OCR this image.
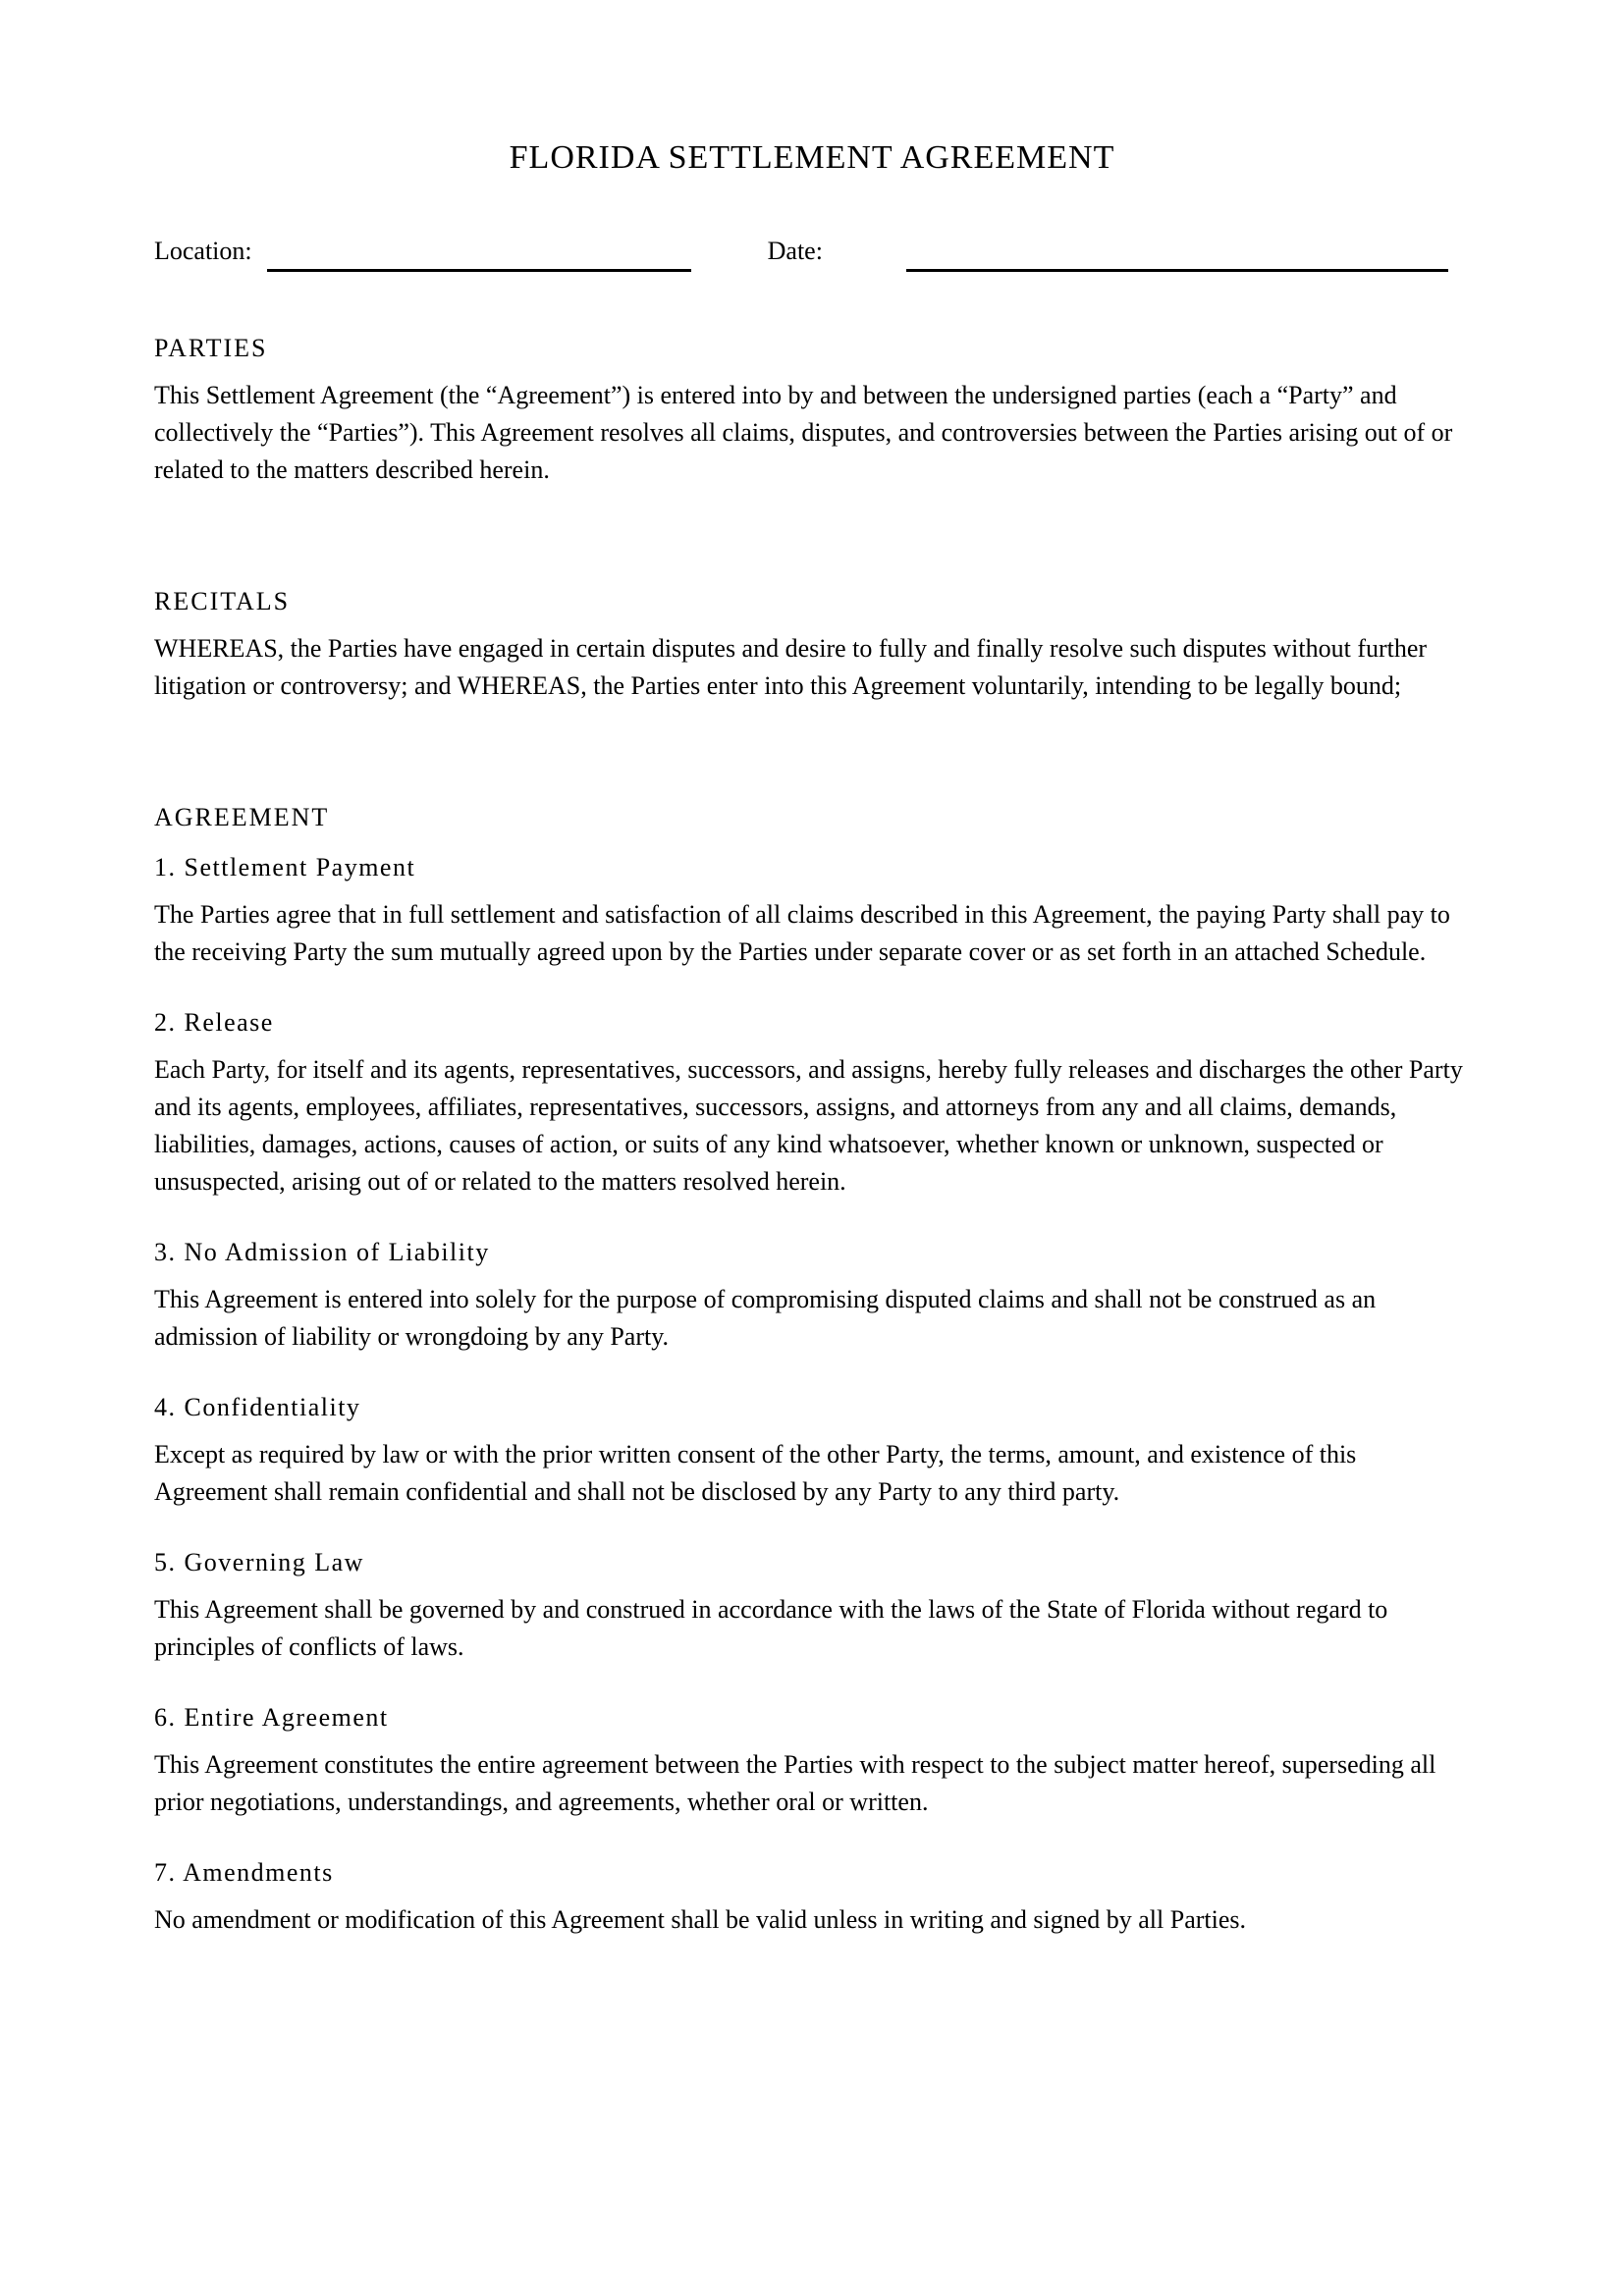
FLORIDA SETTLEMENT AGREEMENT
Location:	Date:
PARTIES

This Settlement Agreement (the “Agreement”) is entered into by and between the undersigned parties (each a “Party” and collectively the “Parties”). This Agreement resolves all claims, disputes, and controversies between the Parties arising out of or related to the matters described herein.

RECITALS

WHEREAS, the Parties have engaged in certain disputes and desire to fully and finally resolve such disputes without further litigation or controversy; and WHEREAS, the Parties enter into this Agreement voluntarily, intending to be legally bound;

AGREEMENT
1. Settlement Payment

The Parties agree that in full settlement and satisfaction of all claims described in this Agreement, the paying Party shall pay to the receiving Party the sum mutually agreed upon by the Parties under separate cover or as set forth in an attached Schedule.

2. Release

Each Party, for itself and its agents, representatives, successors, and assigns, hereby fully releases and discharges the other Party and its agents, employees, affiliates, representatives, successors, assigns, and attorneys from any and all claims, demands, liabilities, damages, actions, causes of action, or suits of any kind whatsoever, whether known or unknown, suspected or unsuspected, arising out of or related to the matters resolved herein.

3. No Admission of Liability

This Agreement is entered into solely for the purpose of compromising disputed claims and shall not be construed as an admission of liability or wrongdoing by any Party.

4. Confidentiality

Except as required by law or with the prior written consent of the other Party, the terms, amount, and existence of this Agreement shall remain confidential and shall not be disclosed by any Party to any third party.

5. Governing Law

This Agreement shall be governed by and construed in accordance with the laws of the State of Florida without regard to principles of conflicts of laws.

6. Entire Agreement

This Agreement constitutes the entire agreement between the Parties with respect to the subject matter hereof, superseding all prior negotiations, understandings, and agreements, whether oral or written.

7. Amendments

No amendment or modification of this Agreement shall be valid unless in writing and signed by all Parties.
